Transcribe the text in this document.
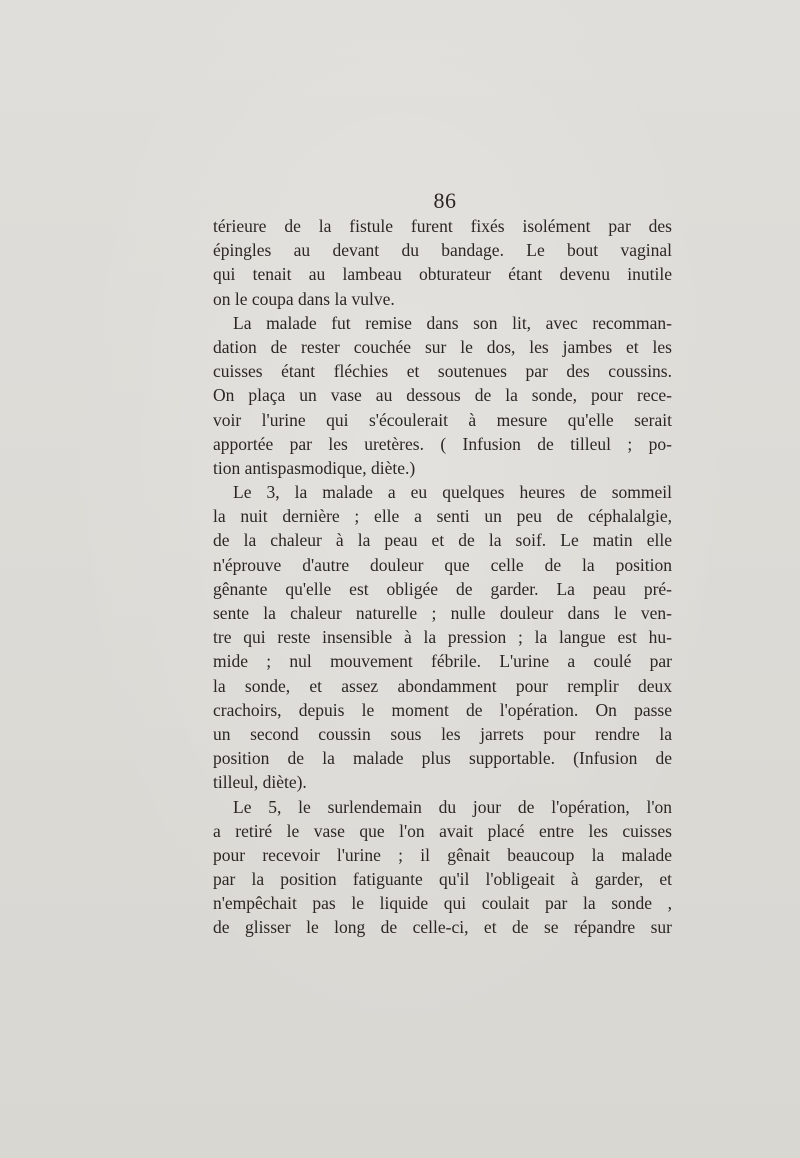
86
térieure de la fistule furent fixés isolément par des
épingles au devant du bandage. Le bout vaginal
qui tenait au lambeau obturateur étant devenu inutile
on le coupa dans la vulve.
La malade fut remise dans son lit, avec recomman-
dation de rester couchée sur le dos, les jambes et les
cuisses étant fléchies et soutenues par des coussins.
On plaça un vase au dessous de la sonde, pour rece-
voir l'urine qui s'écoulerait à mesure qu'elle serait
apportée par les uretères. ( Infusion de tilleul ; po-
tion antispasmodique, diète.)
Le 3, la malade a eu quelques heures de sommeil
la nuit dernière ; elle a senti un peu de céphalalgie,
de la chaleur à la peau et de la soif. Le matin elle
n'éprouve d'autre douleur que celle de la position
gênante qu'elle est obligée de garder. La peau pré-
sente la chaleur naturelle ; nulle douleur dans le ven-
tre qui reste insensible à la pression ; la langue est hu-
mide ; nul mouvement fébrile. L'urine a coulé par
la sonde, et assez abondamment pour remplir deux
crachoirs, depuis le moment de l'opération. On passe
un second coussin sous les jarrets pour rendre la
position de la malade plus supportable. (Infusion de
tilleul, diète).
Le 5, le surlendemain du jour de l'opération, l'on
a retiré le vase que l'on avait placé entre les cuisses
pour recevoir l'urine ; il gênait beaucoup la malade
par la position fatiguante qu'il l'obligeait à garder, et
n'empêchait pas le liquide qui coulait par la sonde ,
de glisser le long de celle-ci, et de se répandre sur
